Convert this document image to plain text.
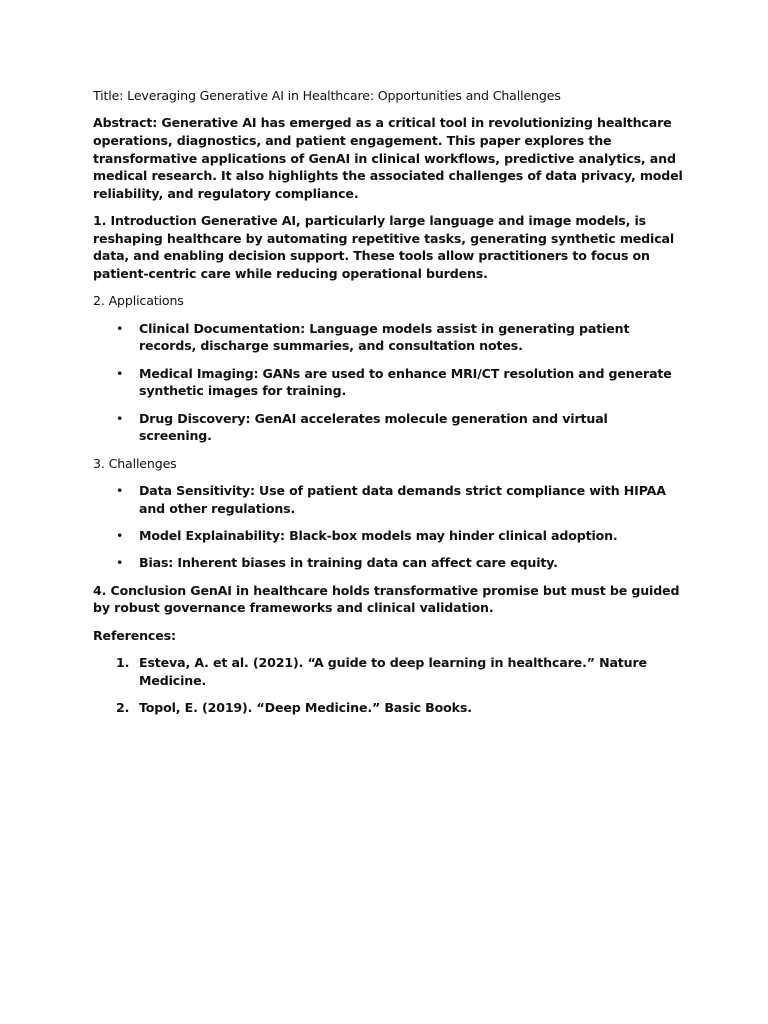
Title: Leveraging Generative AI in Healthcare: Opportunities and Challenges

Abstract: Generative AI has emerged as a critical tool in revolutionizing healthcare operations, diagnostics, and patient engagement. This paper explores the transformative applications of GenAI in clinical workflows, predictive analytics, and medical research. It also highlights the associated challenges of data privacy, model reliability, and regulatory compliance.

1. Introduction Generative AI, particularly large language and image models, is reshaping healthcare by automating repetitive tasks, generating synthetic medical data, and enabling decision support. These tools allow practitioners to focus on patient-centric care while reducing operational burdens.

2. Applications

• Clinical Documentation: Language models assist in generating patient records, discharge summaries, and consultation notes.
• Medical Imaging: GANs are used to enhance MRI/CT resolution and generate synthetic images for training.
• Drug Discovery: GenAI accelerates molecule generation and virtual screening.

3. Challenges

• Data Sensitivity: Use of patient data demands strict compliance with HIPAA and other regulations.
• Model Explainability: Black-box models may hinder clinical adoption.
• Bias: Inherent biases in training data can affect care equity.

4. Conclusion GenAI in healthcare holds transformative promise but must be guided by robust governance frameworks and clinical validation.

References:

1. Esteva, A. et al. (2021). “A guide to deep learning in healthcare.” Nature Medicine.
2. Topol, E. (2019). “Deep Medicine.” Basic Books.
